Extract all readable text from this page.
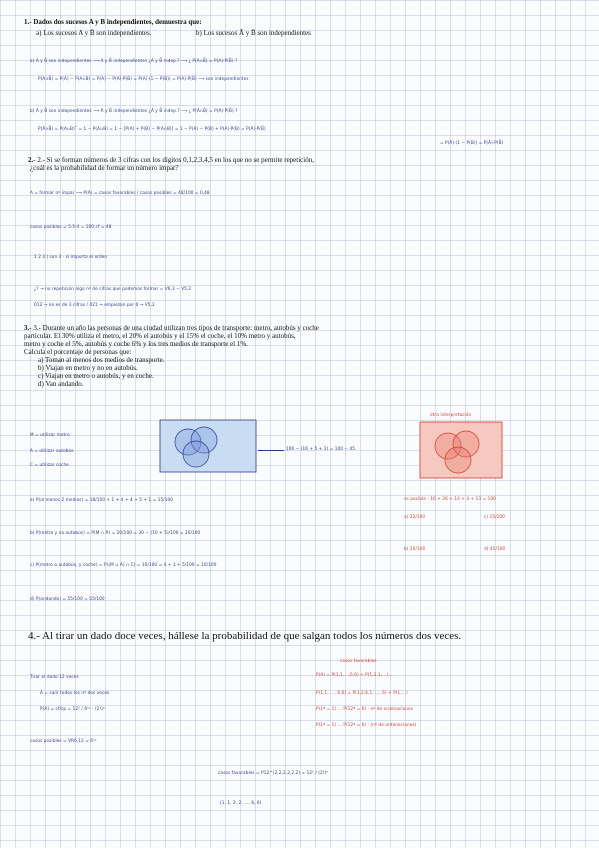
1.- Dados dos sucesos A y B independientes, demuestra que:
a) Los sucesos A y B̄ son independientes.	b) Los sucesos Ā y B̄ son independientes
a) A y B̄ son independientes ⟶ A y B̄ independientes ¿A y B̄ indep.? ⟶ ¿ P(A∩B̄) = P(A)·P(B̄) ?
P(A∩B̄) = P(A) − P(A∩B) = P(A) − P(A)·P(B) = P(A)·(1 − P(B)) = P(A)·P(B̄) ⟶ son independientes
b) Ā y B̄ son independientes ⟶ Ā y B̄ independientes ¿Ā y B̄ indep.? ⟶ ¿ P(Ā∩B̄) = P(Ā)·P(B̄) ?
P(Ā∩B̄) = P(A∪B)‾ = 1 − P(A∪B) = 1 − [P(A) + P(B) − P(A∩B)] = 1 − P(A) − P(B) + P(A)·P(B) = P(Ā)·P(B̄)
= P(Ā)·(1 − P(B)) = P(Ā)·P(B̄)
2.- 2.- Si se forman números de 3 cifras con los dígitos 0,1,2,3,4,5 en los que no se permite repetición,
¿cuál es la probabilidad de formar un número impar?
A = formar nº impar ⟶ P(A) = casos favorables / casos posibles = 48/100 = 0,48
casos posibles = 5·5·4 = 100 cf = 48
1 2 3 | son 3 · si importa el orden
¿? → no repetición algo nº de cifras que podemos formar = V6,3 − V5,2
012 → no es de 3 cifras / 021 → empiezan por 0 → V5,2
3.- 3.- Durante un año las personas de una ciudad utilizan tres tipos de transporte: metro, autobús y coche
particular. El 30% utiliza el metro, el 20% el autobús y el 15% el coche, el 10% metro y autobús,
metro y coche el 5%, autobús y coche 6% y los tres medios de transporte el 1%.
Calcula el porcentaje de personas que:
a) Toman al menos dos medios de transporte.
b) Viajan en metro y no en autobús.
c) Viajan en metro o autobús, y en coche.
d) Van andando.
M = utilizar metro
A = utilizar autobús
C = utilizar coche
100 − (16 + 5 + 1) = 100 − 45
otra interpretación
a) P(al menos 2 medios) = 18/100 + 1 + 4 + 4 + 5 + 1 = 15/100
b) P(metro y no autobús) = P(M ∩ Ā) = 20/100 = 30 − (10 + 5)/100 = 20/100
c) P(metro o autobús, y coche) = P((M ∪ A) ∩ C) = 10/100 = 4 + 1 + 5/100 = 10/100
d) P(andando) = 55/100 = 55/100
es posible · 16 + 26 + 14 + 3 + 13 = 100
a) 22/100	c) 15/100
b) 20/100	d) 45/100
4.- Al tirar un dado doce veces, hállese la probabilidad de que salgan todos los números dos veces.
Tirar el dado 12 veces
A = salir todos los nº dos veces
P(A) = cf/cp = 12! / 6¹² · (2!)⁶
casos posibles = VR6,12 = 6¹²
casos favorables = P12^(2,2,2,2,2,2) = 12! / (2!)⁶
(1, 1, 2, 2, ..., 6, 6)
casos favorables
P(A) = P(1,1,...,6,6) + P(1,2,1,...) ...
P(1,1, ..., 6,6) = P(1,2,6,1, ..., 6) + P(1,...)
P(1ª = 1) ... P(12ª = 6) · nº de ordenaciones
P(1ª = 1) ... P(12ª = 6) · (nº de ordenaciones)
